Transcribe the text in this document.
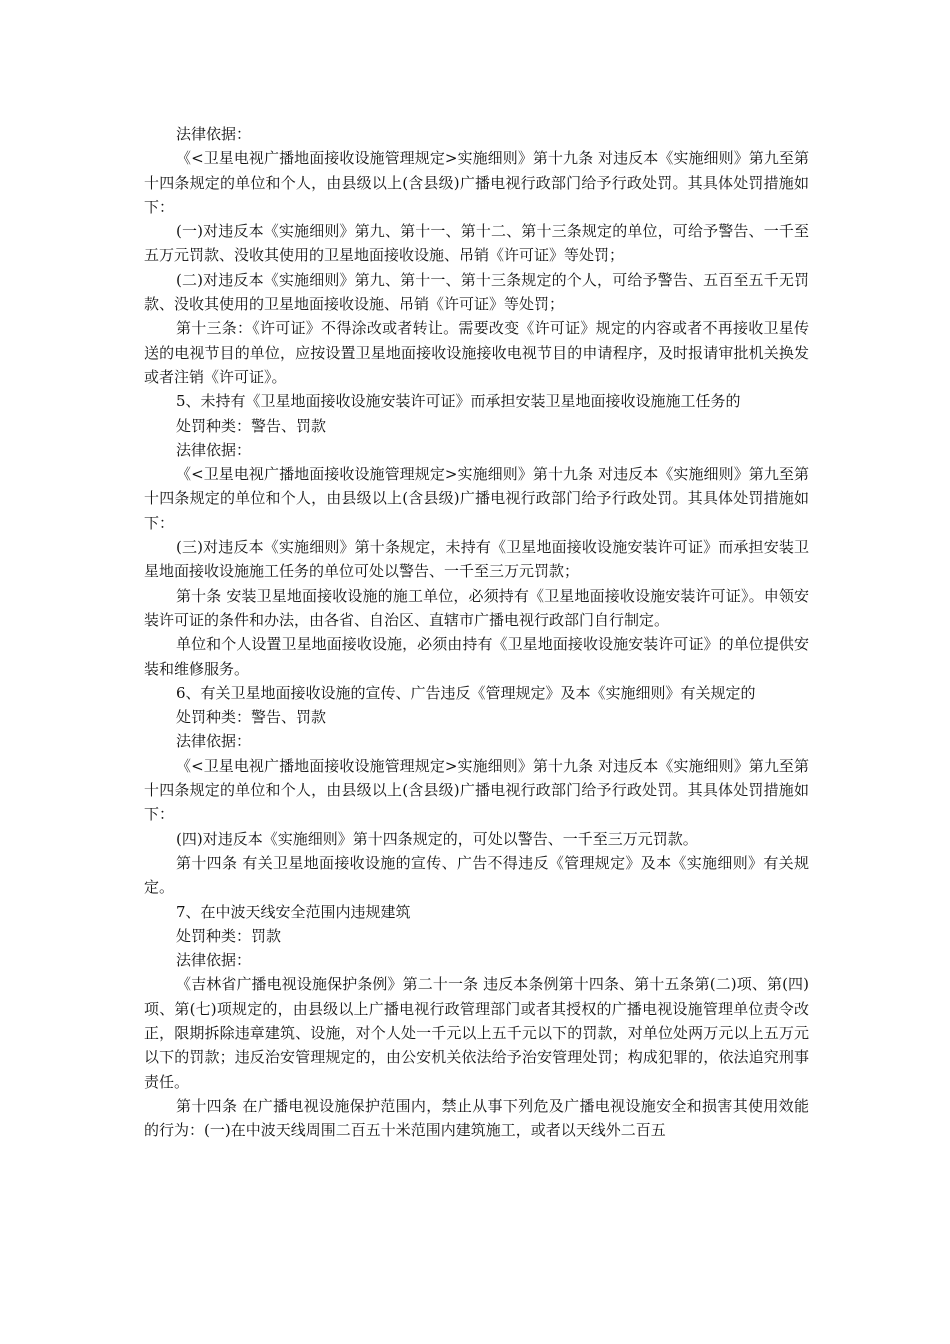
法律依据：

《<卫星电视广播地面接收设施管理规定>实施细则》第十九条 对违反本《实施细则》第九至第十四条规定的单位和个人，由县级以上(含县级)广播电视行政部门给予行政处罚。其具体处罚措施如下：

(一)对违反本《实施细则》第九、第十一、第十二、第十三条规定的单位，可给予警告、一千至五万元罚款、没收其使用的卫星地面接收设施、吊销《许可证》等处罚；

(二)对违反本《实施细则》第九、第十一、第十三条规定的个人，可给予警告、五百至五千无罚款、没收其使用的卫星地面接收设施、吊销《许可证》等处罚；

第十三条：《许可证》不得涂改或者转让。需要改变《许可证》规定的内容或者不再接收卫星传送的电视节目的单位，应按设置卫星地面接收设施接收电视节目的申请程序，及时报请审批机关换发或者注销《许可证》。

5、未持有《卫星地面接收设施安装许可证》而承担安装卫星地面接收设施施工任务的

处罚种类：警告、罚款

法律依据：

《<卫星电视广播地面接收设施管理规定>实施细则》第十九条 对违反本《实施细则》第九至第十四条规定的单位和个人，由县级以上(含县级)广播电视行政部门给予行政处罚。其具体处罚措施如下：

(三)对违反本《实施细则》第十条规定，未持有《卫星地面接收设施安装许可证》而承担安装卫星地面接收设施施工任务的单位可处以警告、一千至三万元罚款；

第十条 安装卫星地面接收设施的施工单位，必须持有《卫星地面接收设施安装许可证》。申领安装许可证的条件和办法，由各省、自治区、直辖市广播电视行政部门自行制定。

单位和个人设置卫星地面接收设施，必须由持有《卫星地面接收设施安装许可证》的单位提供安装和维修服务。

6、有关卫星地面接收设施的宣传、广告违反《管理规定》及本《实施细则》有关规定的

处罚种类：警告、罚款

法律依据：

《<卫星电视广播地面接收设施管理规定>实施细则》第十九条 对违反本《实施细则》第九至第十四条规定的单位和个人，由县级以上(含县级)广播电视行政部门给予行政处罚。其具体处罚措施如下：

(四)对违反本《实施细则》第十四条规定的，可处以警告、一千至三万元罚款。

第十四条 有关卫星地面接收设施的宣传、广告不得违反《管理规定》及本《实施细则》有关规定。

7、在中波天线安全范围内违规建筑

处罚种类：罚款

法律依据：

《吉林省广播电视设施保护条例》第二十一条 违反本条例第十四条、第十五条第(二)项、第(四)项、第(七)项规定的，由县级以上广播电视行政管理部门或者其授权的广播电视设施管理单位责令改正，限期拆除违章建筑、设施，对个人处一千元以上五千元以下的罚款，对单位处两万元以上五万元以下的罚款；违反治安管理规定的，由公安机关依法给予治安管理处罚；构成犯罪的，依法追究刑事责任。

第十四条 在广播电视设施保护范围内，禁止从事下列危及广播电视设施安全和损害其使用效能的行为：(一)在中波天线周围二百五十米范围内建筑施工，或者以天线外二百五
